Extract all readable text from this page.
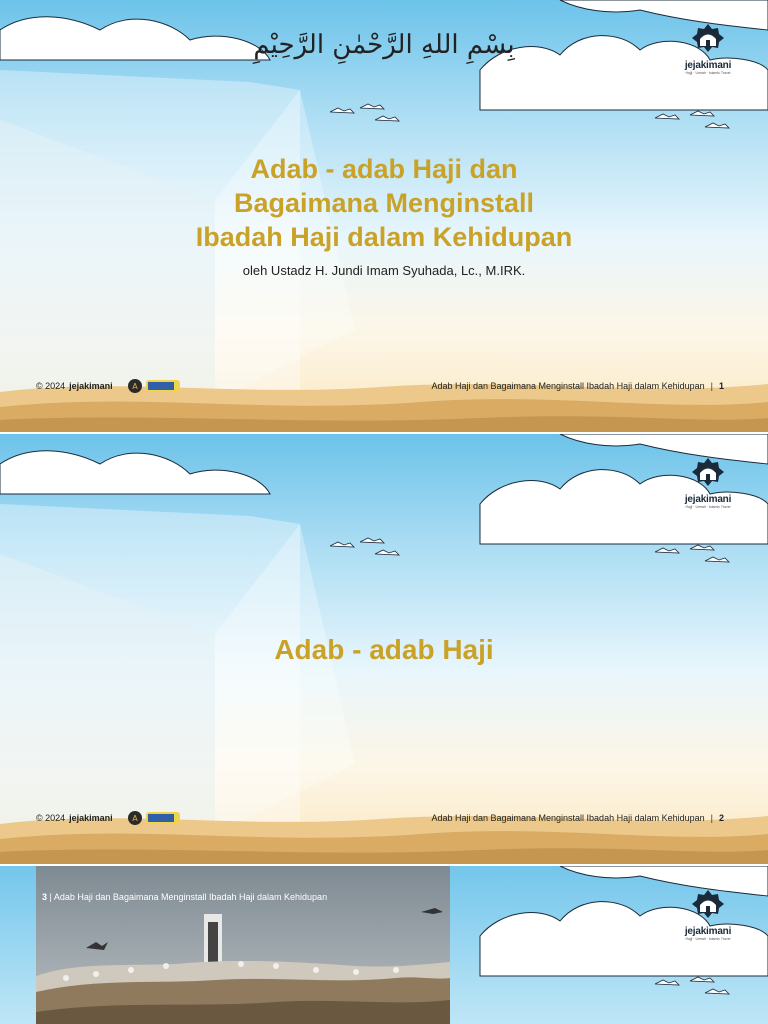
بِسْمِ اللهِ الرَّحْمٰنِ الرَّحِيْمِ
jejakimani
Hajji · Umrah · Islamic Travel
Adab - adab Haji dan
Bagaimana Menginstall
Ibadah Haji dalam Kehidupan
oleh Ustadz H. Jundi Imam Syuhada, Lc., M.IRK.
© 2024 jejakimani A	Adab Haji dan Bagaimana Menginstall Ibadah Haji dalam Kehidupan | 1
jejakimani
Hajji · Umrah · Islamic Travel
Adab - adab Haji
© 2024 jejakimani A	Adab Haji dan Bagaimana Menginstall Ibadah Haji dalam Kehidupan | 2
3 | Adab Haji dan Bagaimana Menginstall Ibadah Haji dalam Kehidupan
jejakimani
Hajji · Umrah · Islamic Travel
